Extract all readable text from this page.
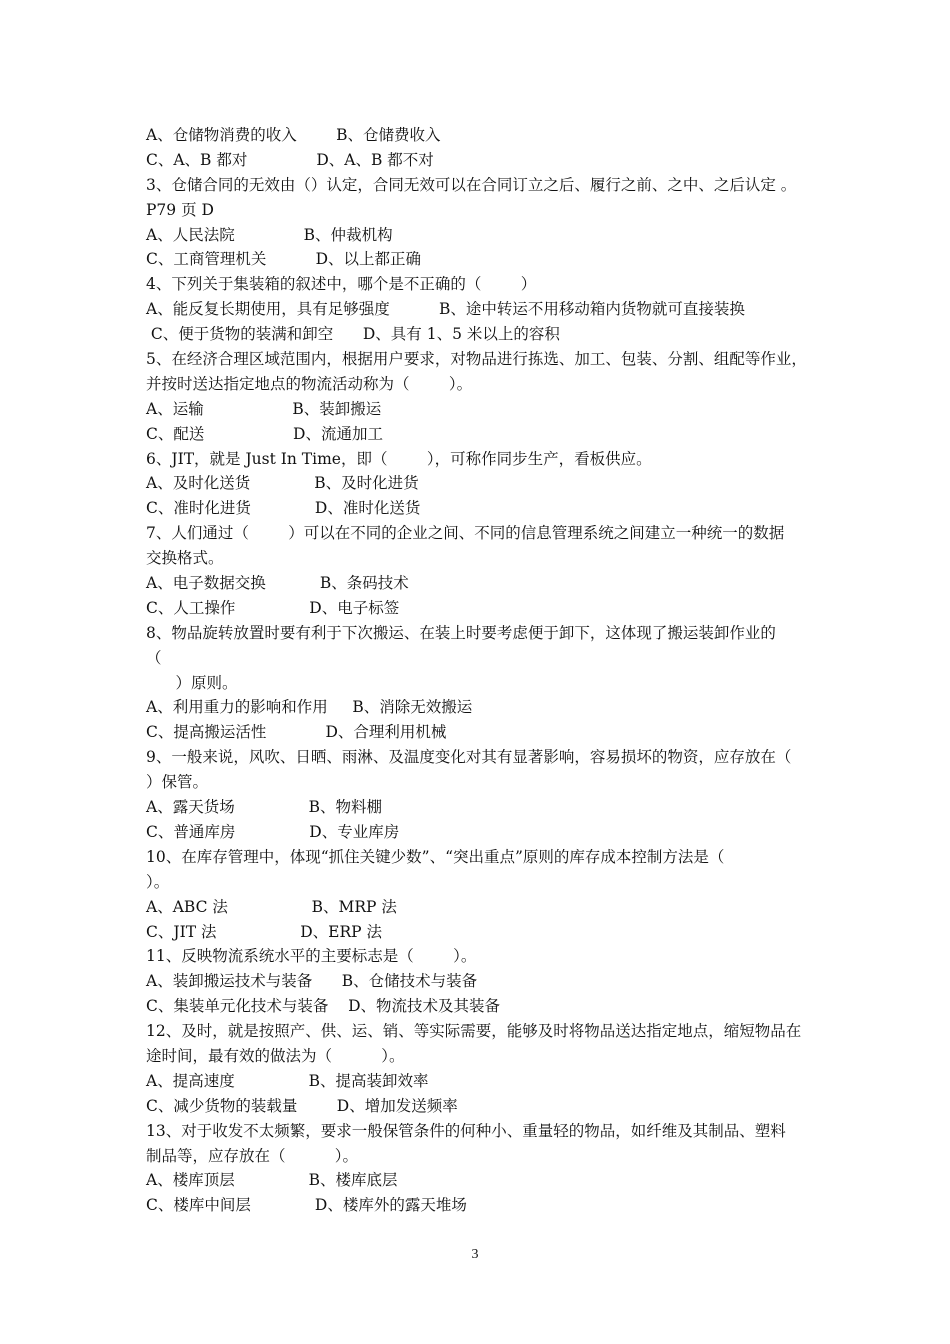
A、仓储物消费的收入        B、仓储费收入
C、A、B 都对              D、A、B 都不对
3、仓储合同的无效由（）认定，合同无效可以在合同订立之后、履行之前、之中、之后认定 。
P79 页 D
A、人民法院              B、仲裁机构
C、工商管理机关          D、以上都正确
4、下列关于集装箱的叙述中，哪个是不正确的（        ）
A、能反复长期使用，具有足够强度          B、途中转运不用移动箱内货物就可直接装换
C、便于货物的装满和卸空      D、具有 1、5 米以上的容积
5、在经济合理区域范围内，根据用户要求，对物品进行拣选、加工、包装、分割、组配等作业，
并按时送达指定地点的物流活动称为（        ）。
A、运输                  B、装卸搬运
C、配送                  D、流通加工
6、JIT，就是 Just In Time，即（        ），可称作同步生产，看板供应。
A、及时化送货             B、及时化进货
C、准时化进货             D、准时化送货
7、人们通过（        ）可以在不同的企业之间、不同的信息管理系统之间建立一种统一的数据
交换格式。
A、电子数据交换           B、条码技术
C、人工操作               D、电子标签
8、物品旋转放置时要有利于下次搬运、在装上时要考虑便于卸下，这体现了搬运装卸作业的
（
）原则。
A、利用重力的影响和作用     B、消除无效搬运
C、提高搬运活性            D、合理利用机械
9、一般来说，风吹、日晒、雨淋、及温度变化对其有显著影响，容易损坏的物资，应存放在（
）保管。
A、露天货场               B、物料棚
C、普通库房               D、专业库房
10、在库存管理中，体现“抓住关键少数”、“突出重点”原则的库存成本控制方法是（
）。
A、ABC 法                 B、MRP 法
C、JIT 法                 D、ERP 法
11、反映物流系统水平的主要标志是（        ）。
A、装卸搬运技术与装备      B、仓储技术与装备
C、集装单元化技术与装备    D、物流技术及其装备
12、及时，就是按照产、供、运、销、等实际需要，能够及时将物品送达指定地点，缩短物品在
途时间，最有效的做法为（          ）。
A、提高速度               B、提高装卸效率
C、减少货物的装载量        D、增加发送频率
13、对于收发不太频繁，要求一般保管条件的何种小、重量轻的物品，如纤维及其制品、塑料
制品等，应存放在（          ）。
A、楼库顶层               B、楼库底层
C、楼库中间层             D、楼库外的露天堆场
3
